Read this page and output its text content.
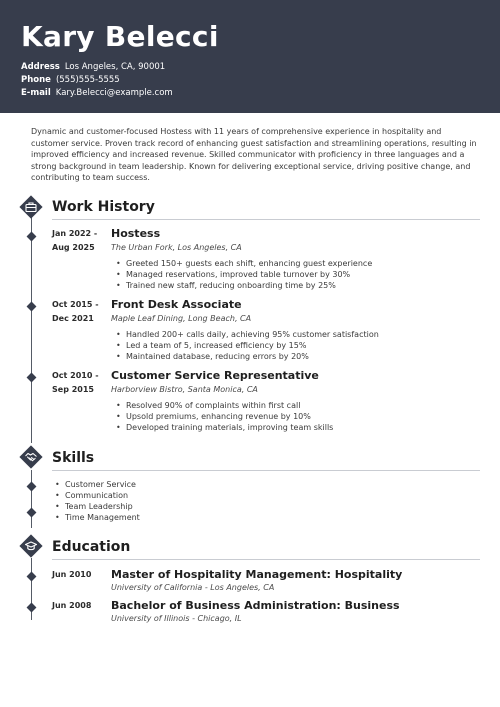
Kary Belecci
Address Los Angeles, CA, 90001
Phone (555)555-5555
E-mail Kary.Belecci@example.com
Dynamic and customer-focused Hostess with 11 years of comprehensive experience in hospitality and customer service. Proven track record of enhancing guest satisfaction and streamlining operations, resulting in improved efficiency and increased revenue. Skilled communicator with proficiency in three languages and a strong background in team leadership. Known for delivering exceptional service, driving positive change, and contributing to team success.
Work History
Jan 2022 -
Aug 2025
Hostess
The Urban Fork, Los Angeles, CA
• Greeted 150+ guests each shift, enhancing guest experience
• Managed reservations, improved table turnover by 30%
• Trained new staff, reducing onboarding time by 25%
Oct 2015 -
Dec 2021
Front Desk Associate
Maple Leaf Dining, Long Beach, CA
• Handled 200+ calls daily, achieving 95% customer satisfaction
• Led a team of 5, increased efficiency by 15%
• Maintained database, reducing errors by 20%
Oct 2010 -
Sep 2015
Customer Service Representative
Harborview Bistro, Santa Monica, CA
• Resolved 90% of complaints within first call
• Upsold premiums, enhancing revenue by 10%
• Developed training materials, improving team skills
Skills
• Customer Service
• Communication
• Team Leadership
• Time Management
Education
Jun 2010	Master of Hospitality Management: Hospitality
University of California - Los Angeles, CA
Jun 2008	Bachelor of Business Administration: Business
University of Illinois - Chicago, IL
